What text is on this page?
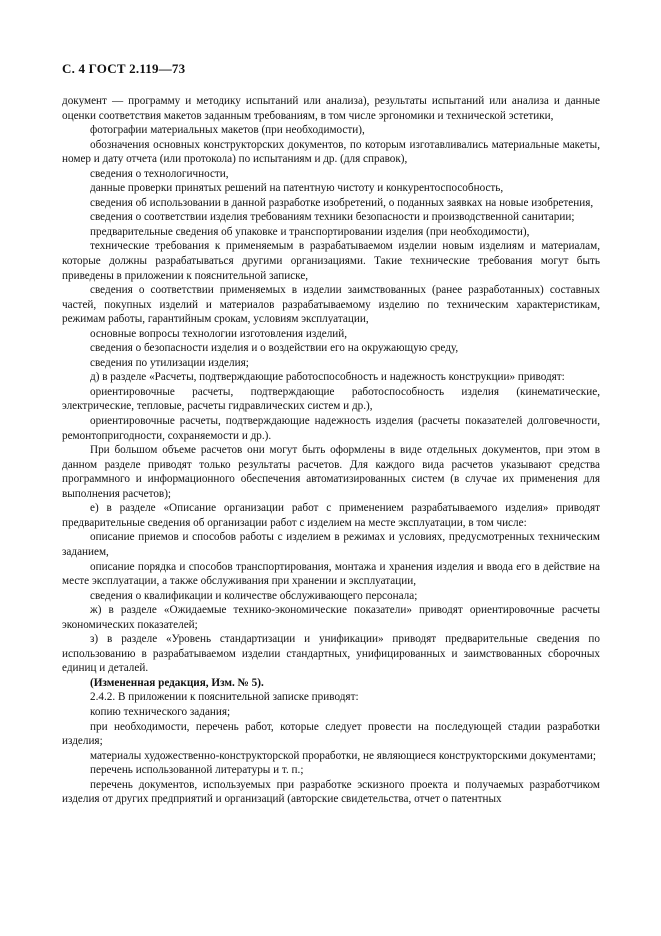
С. 4 ГОСТ 2.119—73

документ — программу и методику испытаний или анализа), результаты испытаний или анализа и данные оценки соответствия макетов заданным требованиям, в том числе эргономики и технической эстетики,

фотографии материальных макетов (при необходимости),

обозначения основных конструкторских документов, по которым изготавливались материальные макеты, номер и дату отчета (или протокола) по испытаниям и др. (для справок),

сведения о технологичности,

данные проверки принятых решений на патентную чистоту и конкурентоспособность,

сведения об использовании в данной разработке изобретений, о поданных заявках на новые изобретения,

сведения о соответствии изделия требованиям техники безопасности и производственной санитарии;

предварительные сведения об упаковке и транспортировании изделия (при необходимости),

технические требования к применяемым в разрабатываемом изделии новым изделиям и материалам, которые должны разрабатываться другими организациями. Такие технические требования могут быть приведены в приложении к пояснительной записке,

сведения о соответствии применяемых в изделии заимствованных (ранее разработанных) составных частей, покупных изделий и материалов разрабатываемому изделию по техническим характеристикам, режимам работы, гарантийным срокам, условиям эксплуатации,

основные вопросы технологии изготовления изделий,

сведения о безопасности изделия и о воздействии его на окружающую среду,

сведения по утилизации изделия;

д) в разделе «Расчеты, подтверждающие работоспособность и надежность конструкции» приводят:

ориентировочные расчеты, подтверждающие работоспособность изделия (кинематические, электрические, тепловые, расчеты гидравлических систем и др.),

ориентировочные расчеты, подтверждающие надежность изделия (расчеты показателей долговечности, ремонтопригодности, сохраняемости и др.).

При большом объеме расчетов они могут быть оформлены в виде отдельных документов, при этом в данном разделе приводят только результаты расчетов. Для каждого вида расчетов указывают средства программного и информационного обеспечения автоматизированных систем (в случае их применения для выполнения расчетов);

е) в разделе «Описание организации работ с применением разрабатываемого изделия» приводят предварительные сведения об организации работ с изделием на месте эксплуатации, в том числе:

описание приемов и способов работы с изделием в режимах и условиях, предусмотренных техническим заданием,

описание порядка и способов транспортирования, монтажа и хранения изделия и ввода его в действие на месте эксплуатации, а также обслуживания при хранении и эксплуатации,

сведения о квалификации и количестве обслуживающего персонала;

ж) в разделе «Ожидаемые технико-экономические показатели» приводят ориентировочные расчеты экономических показателей;

з) в разделе «Уровень стандартизации и унификации» приводят предварительные сведения по использованию в разрабатываемом изделии стандартных, унифицированных и заимствованных сборочных единиц и деталей.

(Измененная редакция, Изм. № 5).

2.4.2. В приложении к пояснительной записке приводят:

копию технического задания;

при необходимости, перечень работ, которые следует провести на последующей стадии разработки изделия;

материалы художественно-конструкторской проработки, не являющиеся конструкторскими документами;

перечень использованной литературы и т. п.;

перечень документов, используемых при разработке эскизного проекта и получаемых разработчиком изделия от других предприятий и организаций (авторские свидетельства, отчет о патентных
